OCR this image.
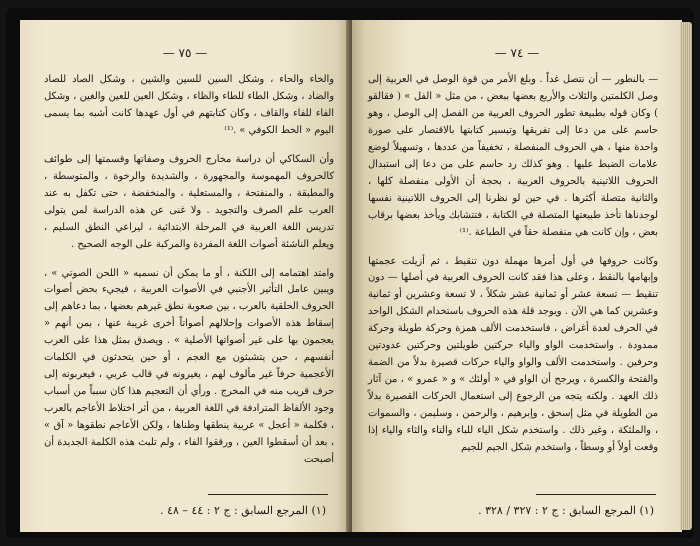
— ٧٥ —

والخاء والحاء ، وشكل السين للسين والشين ، وشكل الصاد للصاد والضاد ، وشكل الطاء للطاء والظاء ، وشكل العين للعين والغين ، وشكل الفاء للفاء والقاف ، وكان كتابتهم في أول عهدها كانت أشبه بما يسمى اليوم « الخط الكوفي » .⁽¹⁾

وأن السكاكي أن دراسة مخارج الحروف وصفاتها وقسمتها إلى طوائف كالحروف المهموسة والمجهورة ، والشديدة والرخوة ، والمتوسطة ، والمطبقة ، والمنفتحة ، والمستعلية ، والمنخفضة ، حتى تكفل به عند العرب علم الصرف والتجويد . ولا غنى عن هذه الدراسة لمن يتولى تدريس اللغة العربية في المرحلة الابتدائية ، ليراعي النطق السليم ، ويعلم الناشئة أصوات اللغة المفردة والمركبة على الوجه الصحيح .

وامتد اهتمامه إلى اللكنة ، أو ما يمكن أن نسميه « اللحن الصوتي » ، ويبين عامل التأثير الأجنبي في الأصوات العربية ، فيجيء بحض أصوات الحروف الحلقية بالعرب ، بين صعوبة نطق غيرهم بعضها ، بما دعاهم إلى إسقاط هذه الأصوات وإحلالهم أصواتاً أخرى غريبة عنها ، بمن أنهم « يعجمون بها على غير أصواتها الأصلية » . ويصدق بمثل هذا على العرب أنفسهم ، حين يتشبثون مع العجم ، أو حين يتحدثون في الكلمات الأعجمية حرفاً غير مألوف لهم ، يغيرونه في قالب عربي ، فيعربونه إلى حرف قريب منه في المخرج . ورأي أن التعجيم هذا كان سبباً من أسباب وجود الألفاظ المترادفة في اللغة العربية ، من أثر اختلاط الأعاجم بالعرب ، فكلمة « أعجل » عربية ينطقها وطناها ، ولكن الأعاجم نطقوها « آق » ، بعد أن أسقطوا العين ، ورققوا الفاء ، ولم تلبث هذه الكلمة الجديدة أن أصبحت

(١) المرجع السابق : ج ٢ : ٤٤ – ٤٨ .
— ٧٤ —

— بالنطور — أن نتصل غداً . وبلغ الأمر من قوة الوصل في العربية إلى وصل الكلمتين والثلاث والأربع بعضها ببعض ، من مثل « الفل » ( فقالقو ) وكان قوله بطبيعة تطور الحروف العربية من الفصل إلى الوصل ، وهو حاسم على من دعا إلى تفريقها وتيسير كتابتها بالاقتصار على صورة واحدة منها ، هي الحروف المنفصلة ، تخفيفاً من عددها ، وتسهيلاً لوضع علامات الضبط عليها . وهو كذلك رد حاسم على من دعا إلى استبدال الحروف اللاتينية بالحروف العربية ، بحجة أن الأولى منفصلة كلها ، والثانية متصلة أكثرها . في حين لو نظرنا إلى الحروف اللاتينية نفسها لوجدناها تأخذ طبيعتها المتصلة في الكتابة ، فتتشابك ويأخذ بعضها برقاب بعض ، وإن كانت هي منفصلة حقاً في الطباعة .⁽¹⁾

وكانت حروفها في أول أمرها مهملة دون تنقيط ، ثم أزيلت عجمتها وإبهامها بالنقط ، وعلى هذا فقد كانت الحروف العربية في أصلها — دون تنقيط — تسعة عشر أو ثمانية عشر شكلاً ، لا تسعة وعشرين أو ثمانية وعشرين كما هي الآن . ويوجد قلة هذه الحروف باستخدام الشكل الواحد في الحرف لعدة أغراض ، فاستخدمت الألف همزة وحركة طويلة وحركة ممدودة . واستخدمت الواو والياء حركتين طويلتين وحركتين عدودتين وحرفين . واستخدمت الألف والواو والياء حركات قصيرة بدلاً من الضمة والفتحة والكسرة ، ويرجح أن الواو في « أولئك » و « عمرو » ، من آثار ذلك العهد . ولكنه يتجه من الرجوع إلى استعمال الحركات القصيرة بدلاً من الطويلة في مثل إسحق ، وإبرهيم ، والرحمن ، وسليمن ، والسموات ، والملئكة ، وغير ذلك . واستخدم شكل الياء للباء والتاء والثاء والياء إذا وقعت أولاً أو وسطاً ، واستخدم شكل الجيم للجيم

(١) المرجع السابق : ج ٢ : ٣٢٧ / ٣٢٨ .
